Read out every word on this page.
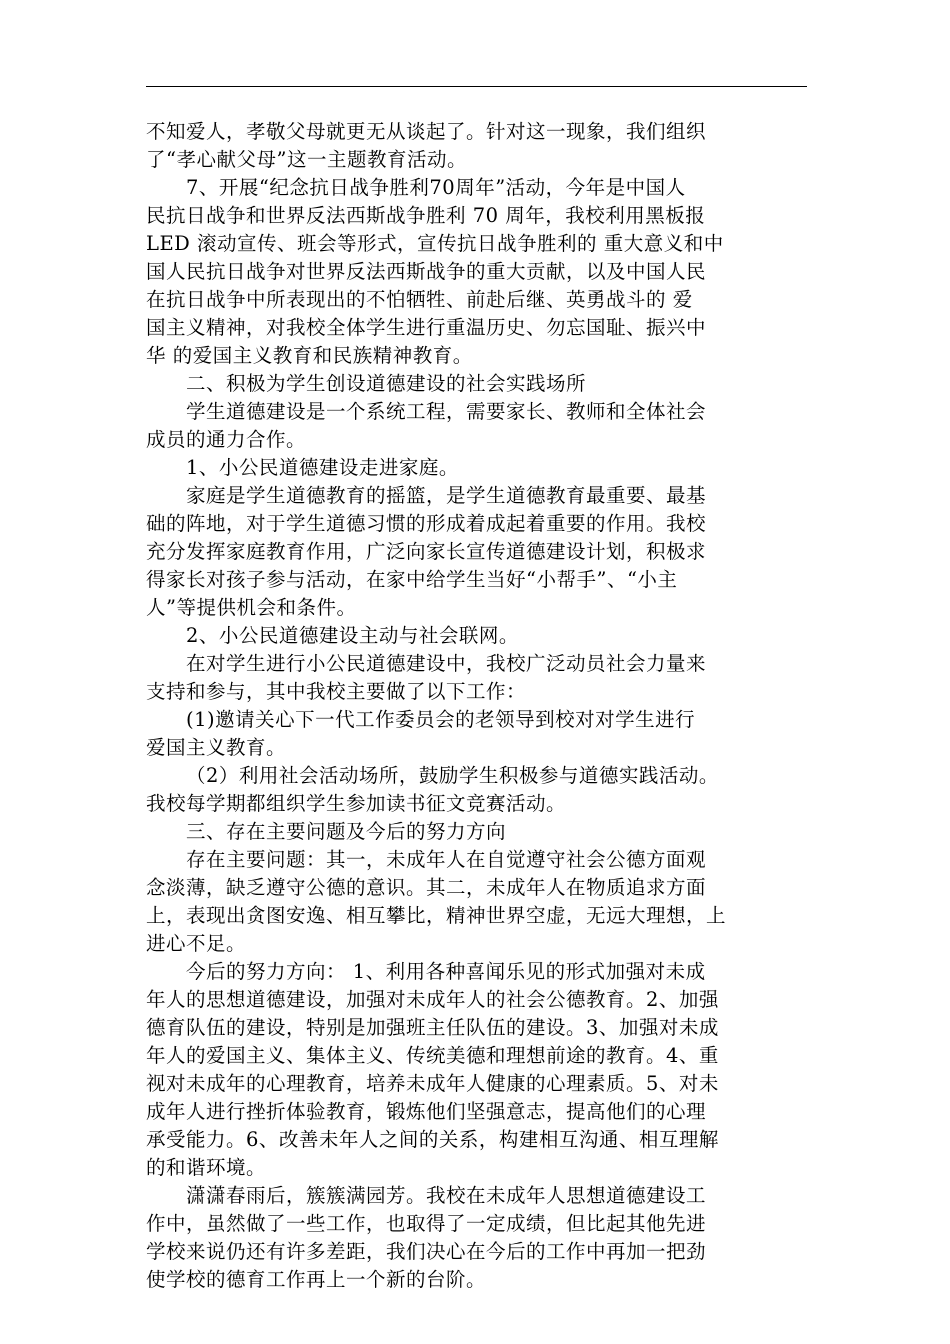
不知爱人，孝敬父母就更无从谈起了。针对这一现象，我们组织

了“孝心献父母”这一主题教育活动。

7、开展“纪念抗日战争胜利70周年”活动，今年是中国人

民抗日战争和世界反法西斯战争胜利 70 周年，我校利用黑板报

LED 滚动宣传、班会等形式，宣传抗日战争胜利的 重大意义和中

国人民抗日战争对世界反法西斯战争的重大贡献，以及中国人民

在抗日战争中所表现出的不怕牺牲、前赴后继、英勇战斗的 爱

国主义精神，对我校全体学生进行重温历史、勿忘国耻、振兴中

华 的爱国主义教育和民族精神教育。

二、积极为学生创设道德建设的社会实践场所

学生道德建设是一个系统工程，需要家长、教师和全体社会

成员的通力合作。

1、小公民道德建设走进家庭。

家庭是学生道德教育的摇篮，是学生道德教育最重要、最基

础的阵地，对于学生道德习惯的形成着成起着重要的作用。我校

充分发挥家庭教育作用，广泛向家长宣传道德建设计划，积极求

得家长对孩子参与活动，在家中给学生当好“小帮手”、“小主

人”等提供机会和条件。

2、小公民道德建设主动与社会联网。

在对学生进行小公民道德建设中，我校广泛动员社会力量来

支持和参与，其中我校主要做了以下工作：

(1)邀请关心下一代工作委员会的老领导到校对对学生进行

爱国主义教育。

（2）利用社会活动场所，鼓励学生积极参与道德实践活动。

我校每学期都组织学生参加读书征文竞赛活动。

三、存在主要问题及今后的努力方向

存在主要问题：其一，未成年人在自觉遵守社会公德方面观

念淡薄，缺乏遵守公德的意识。其二，未成年人在物质追求方面

上，表现出贪图安逸、相互攀比，精神世界空虚，无远大理想，上

进心不足。

今后的努力方向： 1、利用各种喜闻乐见的形式加强对未成

年人的思想道德建设，加强对未成年人的社会公德教育。2、加强

德育队伍的建设，特别是加强班主任队伍的建设。3、加强对未成

年人的爱国主义、集体主义、传统美德和理想前途的教育。4、重

视对未成年的心理教育，培养未成年人健康的心理素质。5、对未

成年人进行挫折体验教育，锻炼他们坚强意志，提高他们的心理

承受能力。6、改善未年人之间的关系，构建相互沟通、相互理解

的和谐环境。

潇潇春雨后，簇簇满园芳。我校在未成年人思想道德建设工

作中，虽然做了一些工作，也取得了一定成绩，但比起其他先进

学校来说仍还有许多差距，我们决心在今后的工作中再加一把劲

使学校的德育工作再上一个新的台阶。
